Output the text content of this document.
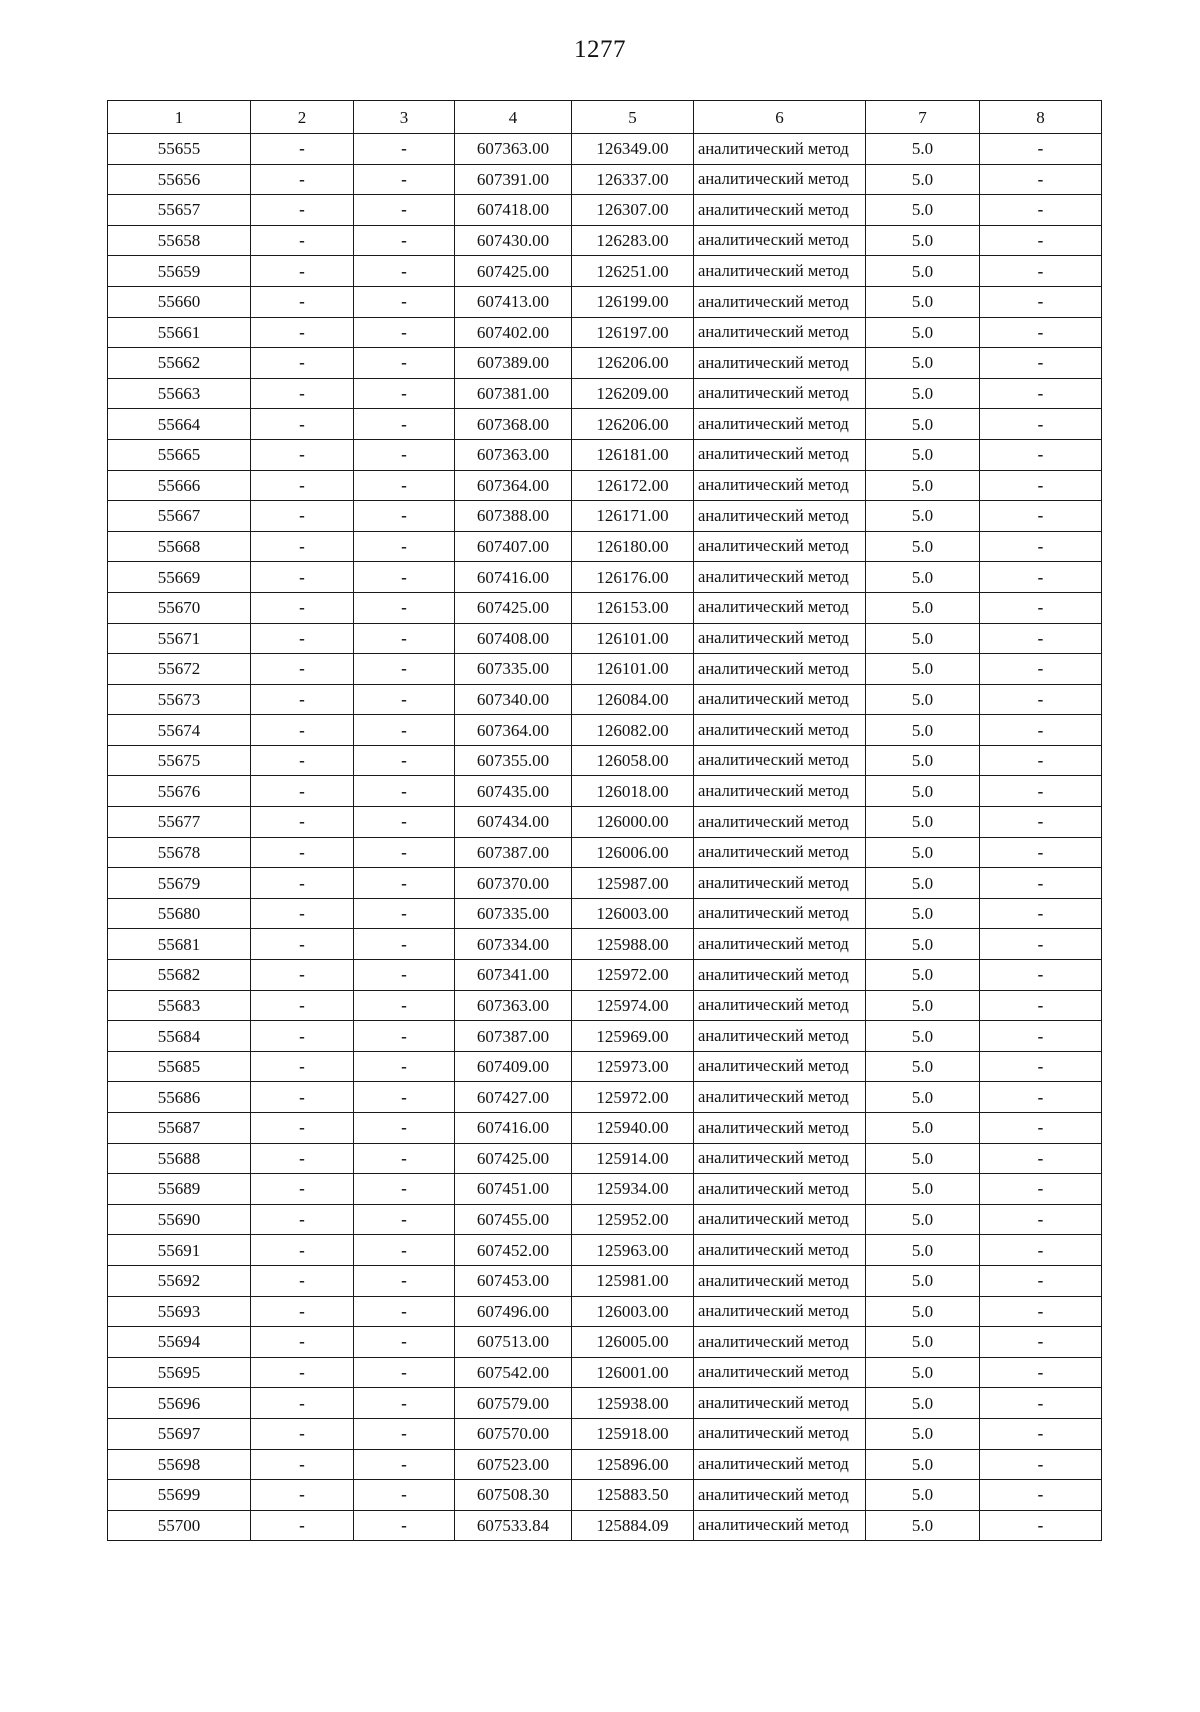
1277
1	2	3	4	5	6	7	8
55655	-	-	607363.00	126349.00	аналитический метод	5.0	-
55656	-	-	607391.00	126337.00	аналитический метод	5.0	-
55657	-	-	607418.00	126307.00	аналитический метод	5.0	-
55658	-	-	607430.00	126283.00	аналитический метод	5.0	-
55659	-	-	607425.00	126251.00	аналитический метод	5.0	-
55660	-	-	607413.00	126199.00	аналитический метод	5.0	-
55661	-	-	607402.00	126197.00	аналитический метод	5.0	-
55662	-	-	607389.00	126206.00	аналитический метод	5.0	-
55663	-	-	607381.00	126209.00	аналитический метод	5.0	-
55664	-	-	607368.00	126206.00	аналитический метод	5.0	-
55665	-	-	607363.00	126181.00	аналитический метод	5.0	-
55666	-	-	607364.00	126172.00	аналитический метод	5.0	-
55667	-	-	607388.00	126171.00	аналитический метод	5.0	-
55668	-	-	607407.00	126180.00	аналитический метод	5.0	-
55669	-	-	607416.00	126176.00	аналитический метод	5.0	-
55670	-	-	607425.00	126153.00	аналитический метод	5.0	-
55671	-	-	607408.00	126101.00	аналитический метод	5.0	-
55672	-	-	607335.00	126101.00	аналитический метод	5.0	-
55673	-	-	607340.00	126084.00	аналитический метод	5.0	-
55674	-	-	607364.00	126082.00	аналитический метод	5.0	-
55675	-	-	607355.00	126058.00	аналитический метод	5.0	-
55676	-	-	607435.00	126018.00	аналитический метод	5.0	-
55677	-	-	607434.00	126000.00	аналитический метод	5.0	-
55678	-	-	607387.00	126006.00	аналитический метод	5.0	-
55679	-	-	607370.00	125987.00	аналитический метод	5.0	-
55680	-	-	607335.00	126003.00	аналитический метод	5.0	-
55681	-	-	607334.00	125988.00	аналитический метод	5.0	-
55682	-	-	607341.00	125972.00	аналитический метод	5.0	-
55683	-	-	607363.00	125974.00	аналитический метод	5.0	-
55684	-	-	607387.00	125969.00	аналитический метод	5.0	-
55685	-	-	607409.00	125973.00	аналитический метод	5.0	-
55686	-	-	607427.00	125972.00	аналитический метод	5.0	-
55687	-	-	607416.00	125940.00	аналитический метод	5.0	-
55688	-	-	607425.00	125914.00	аналитический метод	5.0	-
55689	-	-	607451.00	125934.00	аналитический метод	5.0	-
55690	-	-	607455.00	125952.00	аналитический метод	5.0	-
55691	-	-	607452.00	125963.00	аналитический метод	5.0	-
55692	-	-	607453.00	125981.00	аналитический метод	5.0	-
55693	-	-	607496.00	126003.00	аналитический метод	5.0	-
55694	-	-	607513.00	126005.00	аналитический метод	5.0	-
55695	-	-	607542.00	126001.00	аналитический метод	5.0	-
55696	-	-	607579.00	125938.00	аналитический метод	5.0	-
55697	-	-	607570.00	125918.00	аналитический метод	5.0	-
55698	-	-	607523.00	125896.00	аналитический метод	5.0	-
55699	-	-	607508.30	125883.50	аналитический метод	5.0	-
55700	-	-	607533.84	125884.09	аналитический метод	5.0	-
